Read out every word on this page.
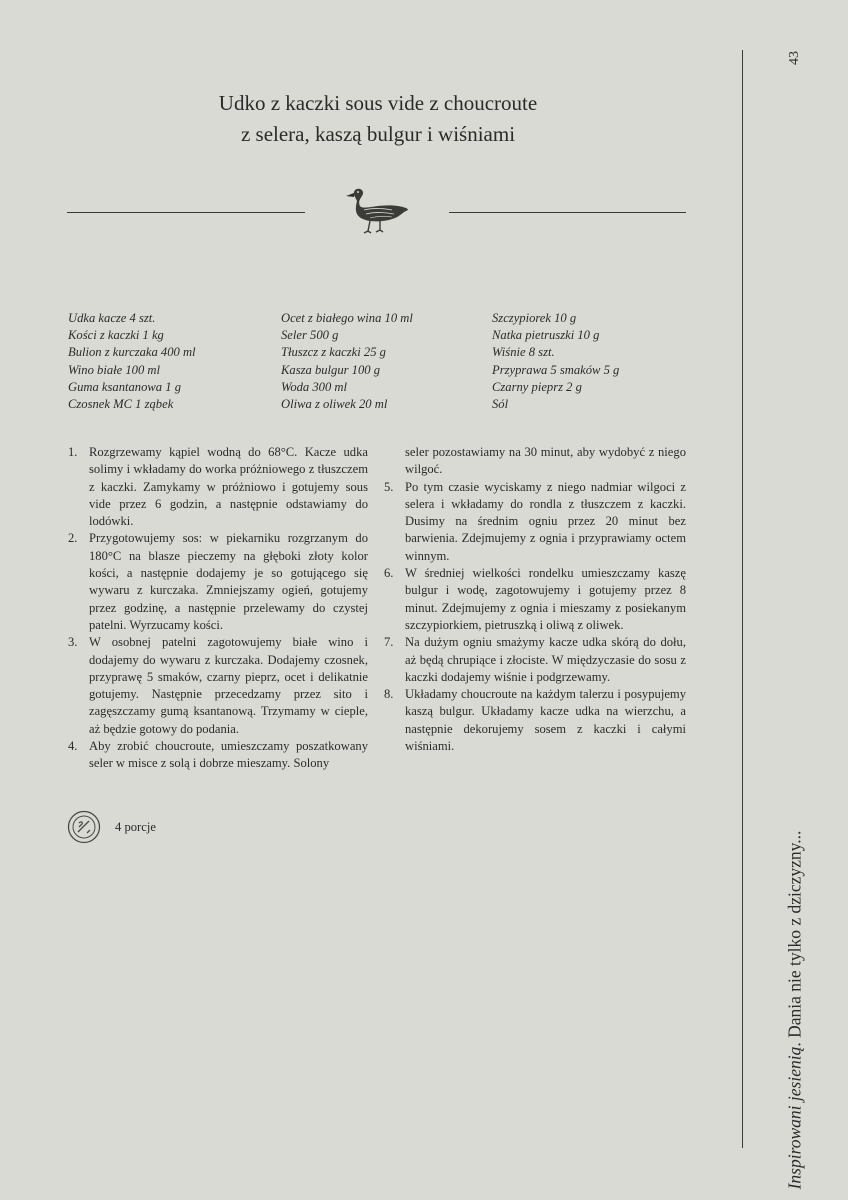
Udko z kaczki sous vide z choucroute
z selera, kaszą bulgur i wiśniami
Udka kacze 4 szt.
Kości z kaczki 1 kg
Bulion z kurczaka 400 ml
Wino białe 100 ml
Guma ksantanowa 1 g
Czosnek MC 1 ząbek
Ocet z białego wina 10 ml
Seler 500 g
Tłuszcz z kaczki 25 g
Kasza bulgur 100 g
Woda 300 ml
Oliwa z oliwek 20 ml
Szczypiorek 10 g
Natka pietruszki 10 g
Wiśnie 8 szt.
Przyprawa 5 smaków 5 g
Czarny pieprz 2 g
Sól
1. Rozgrzewamy kąpiel wodną do 68°C. Kacze udka solimy i wkładamy do worka próżniowego z tłuszczem z kaczki. Zamykamy w próżniowo i gotujemy sous vide przez 6 godzin, a następnie odstawiamy do lodówki.
2. Przygotowujemy sos: w piekarniku rozgrzanym do 180°C na blasze pieczemy na głęboki złoty kolor kości, a następnie dodajemy je so gotującego się wywaru z kurczaka. Zmniejszamy ogień, gotujemy przez godzinę, a następnie przelewamy do czystej patelni. Wyrzucamy kości.
3. W osobnej patelni zagotowujemy białe wino i dodajemy do wywaru z kurczaka. Dodajemy czosnek, przyprawę 5 smaków, czarny pieprz, ocet i delikatnie gotujemy. Następnie przecedzamy przez sito i zagęszczamy gumą ksantanową. Trzymamy w cieple, aż będzie gotowy do podania.
4. Aby zrobić choucroute, umieszczamy poszatkowany seler w misce z solą i dobrze mieszamy. Solony
seler pozostawiamy na 30 minut, aby wydobyć z niego wilgoć.
5. Po tym czasie wyciskamy z niego nadmiar wilgoci z selera i wkładamy do rondla z tłuszczem z kaczki. Dusimy na średnim ogniu przez 20 minut bez barwienia. Zdejmujemy z ognia i przyprawiamy octem winnym.
6. W średniej wielkości rondelku umieszczamy kaszę bulgur i wodę, zagotowujemy i gotujemy przez 8 minut. Zdejmujemy z ognia i mieszamy z posiekanym szczypiorkiem, pietruszką i oliwą z oliwek.
7. Na dużym ogniu smażymy kacze udka skórą do dołu, aż będą chrupiące i złociste. W międzyczasie do sosu z kaczki dodajemy wiśnie i podgrzewamy.
8. Układamy choucroute na każdym talerzu i posypujemy kaszą bulgur. Układamy kacze udka na wierzchu, a następnie dekorujemy sosem z kaczki i całymi wiśniami.
4 porcje
43
Inspirowani jesienią. Dania nie tylko z dziczyzny...
